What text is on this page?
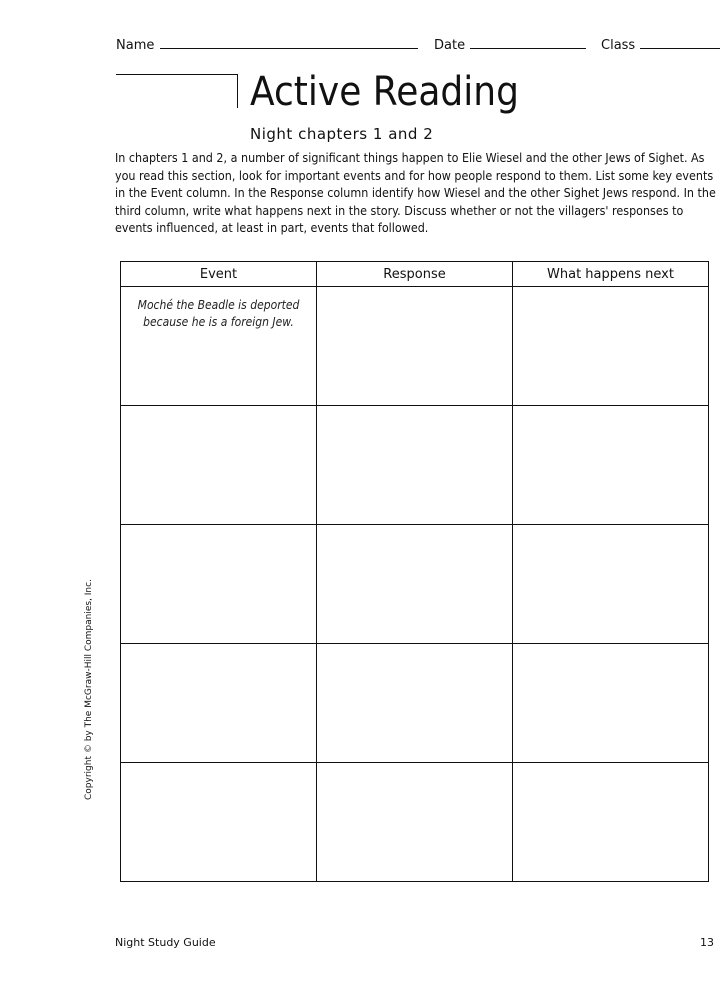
Name	Date	Class
Active Reading
Night chapters 1 and 2
In chapters 1 and 2, a number of significant things happen to Elie Wiesel and the other Jews of Sighet. As you read this section, look for important events and for how people respond to them. List some key events in the Event column. In the Response column identify how Wiesel and the other Sighet Jews respond. In the third column, write what happens next in the story. Discuss whether or not the villagers' responses to events influenced, at least in part, events that followed.
Event	Response	What happens next

Moché the Beadle is deported because he is a foreign Jew.		

Copyright © by The McGraw-Hill Companies, Inc.
Night Study Guide	13
